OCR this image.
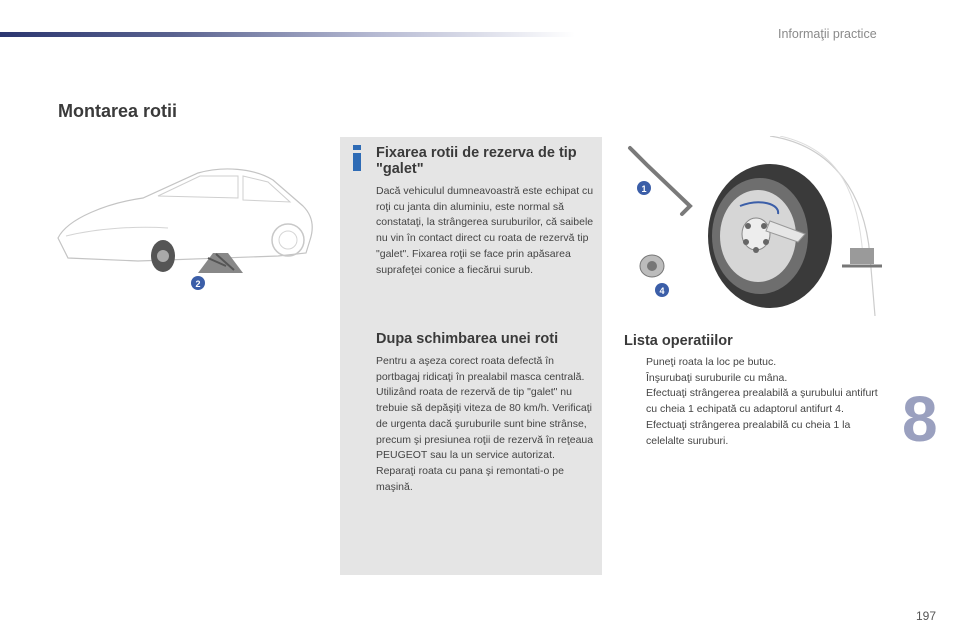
Informaţii practice
Montarea rotii
2
Fixarea rotii de rezerva de tip "galet"

Dacă vehiculul dumneavoastră este echipat cu roţi cu janta din aluminiu, este normal să constataţi, la strângerea suruburilor, că saibele nu vin în contact direct cu roata de rezervă tip "galet". Fixarea roţii se face prin apăsarea suprafeţei conice a fiecărui surub.

Dupa schimbarea unei roti

Pentru a aşeza corect roata defectă în portbagaj ridicaţi în prealabil masca centrală. Utilizând roata de rezervă de tip "galet" nu trebuie să depăşiţi viteza de 80 km/h. Verificaţi de urgenta dacă şuruburile sunt bine strânse, precum şi presiunea roţii de rezervă în reţeaua PEUGEOT sau la un service autorizat. Reparaţi roata cu pana şi remontati-o pe maşină.

1
4
Lista operatiilor
Puneţi roata la loc pe butuc.
Înşurubaţi suruburile cu mâna.
Efectuaţi strângerea prealabilă a şurubului antifurt cu cheia 1 echipată cu adaptorul antifurt 4.
Efectuaţi strângerea prealabilă cu cheia 1 la celelalte suruburi.	8
197
